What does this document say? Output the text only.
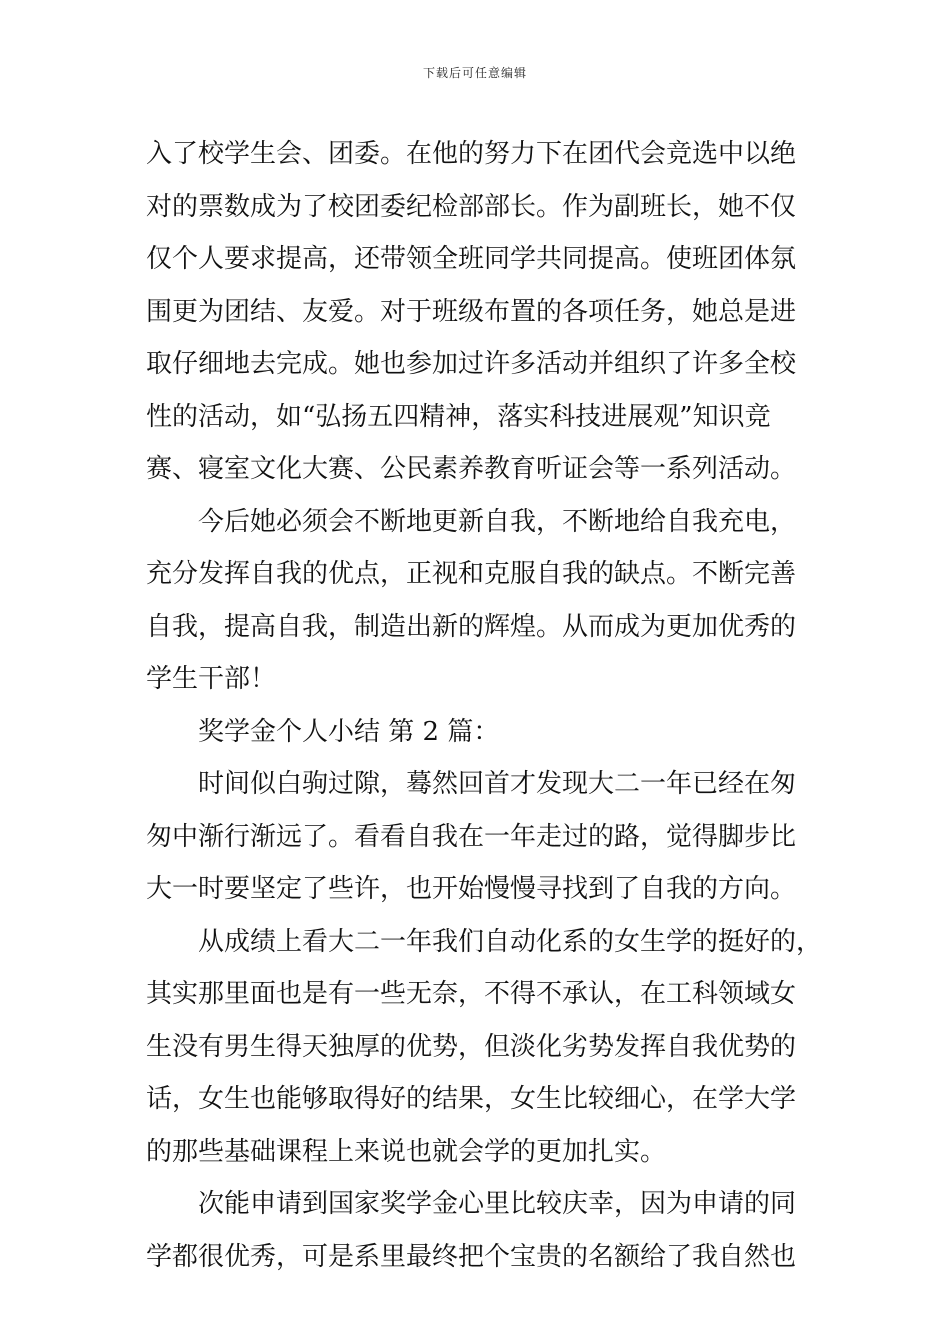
下载后可任意编辑
入了校学生会、团委。在他的努力下在团代会竞选中以绝
对的票数成为了校团委纪检部部长。作为副班长，她不仅
仅个人要求提高，还带领全班同学共同提高。使班团体氛
围更为团结、友爱。对于班级布置的各项任务，她总是进
取仔细地去完成。她也参加过许多活动并组织了许多全校
性的活动，如“弘扬五四精神，落实科技进展观”知识竞
赛、寝室文化大赛、公民素养教育听证会等一系列活动。
今后她必须会不断地更新自我，不断地给自我充电，
充分发挥自我的优点，正视和克服自我的缺点。不断完善
自我，提高自我，制造出新的辉煌。从而成为更加优秀的
学生干部！
奖学金个人小结 第 2 篇：
时间似白驹过隙，蓦然回首才发现大二一年已经在匆
匆中渐行渐远了。看看自我在一年走过的路，觉得脚步比
大一时要坚定了些许，也开始慢慢寻找到了自我的方向。
从成绩上看大二一年我们自动化系的女生学的挺好的，
其实那里面也是有一些无奈，不得不承认，在工科领域女
生没有男生得天独厚的优势，但淡化劣势发挥自我优势的
话，女生也能够取得好的结果，女生比较细心，在学大学
的那些基础课程上来说也就会学的更加扎实。
次能申请到国家奖学金心里比较庆幸，因为申请的同
学都很优秀，可是系里最终把个宝贵的名额给了我自然也
